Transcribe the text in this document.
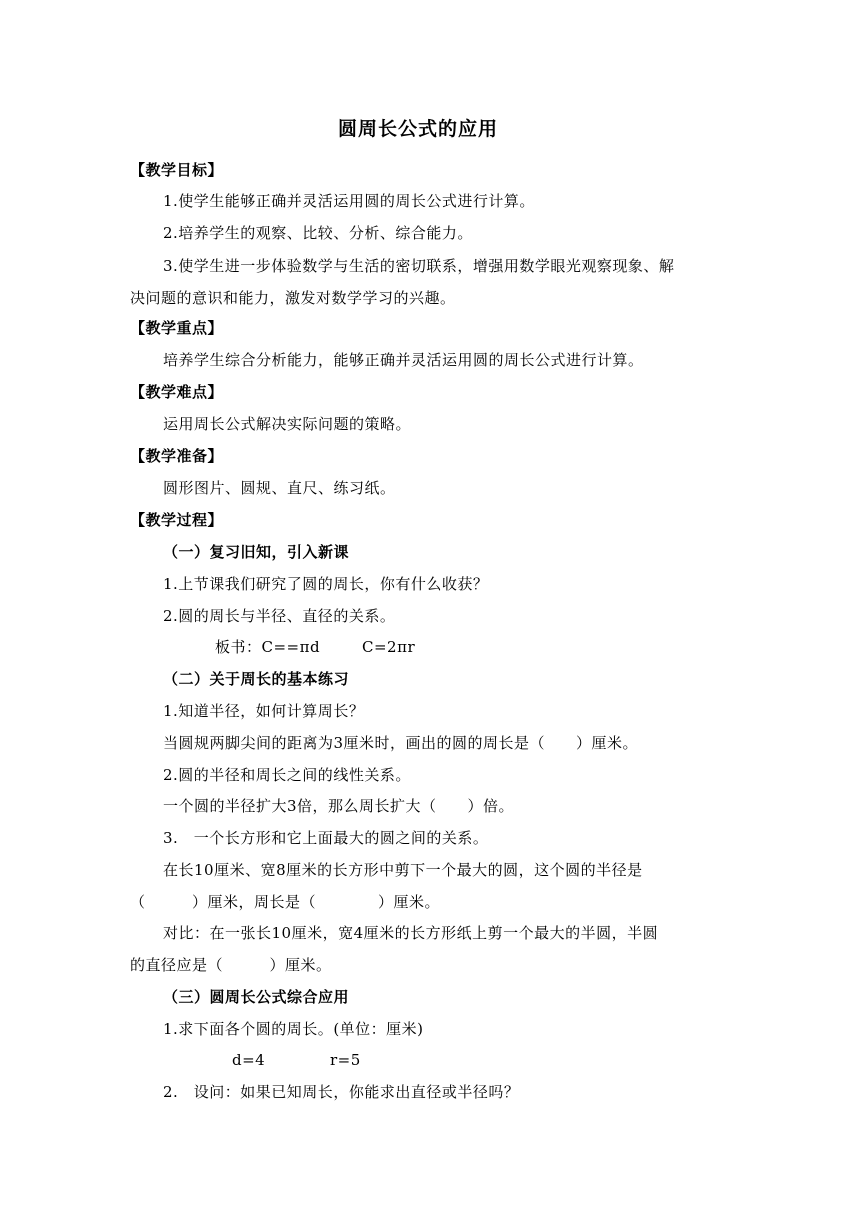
圆周长公式的应用
【教学目标】
1.使学生能够正确并灵活运用圆的周长公式进行计算。
2.培养学生的观察、比较、分析、综合能力。
3.使学生进一步体验数学与生活的密切联系，增强用数学眼光观察现象、解
决问题的意识和能力，激发对数学学习的兴趣。
【教学重点】
培养学生综合分析能力，能够正确并灵活运用圆的周长公式进行计算。
【教学难点】
运用周长公式解决实际问题的策略。
【教学准备】
圆形图片、圆规、直尺、练习纸。
【教学过程】
（一）复习旧知，引入新课
1.上节课我们研究了圆的周长，你有什么收获？
2.圆的周长与半径、直径的关系。
板书：C==πd	C=2πr
（二）关于周长的基本练习
1.知道半径，如何计算周长？
当圆规两脚尖间的距离为3厘米时，画出的圆的周长是（　　）厘米。
2.圆的半径和周长之间的线性关系。
一个圆的半径扩大3倍，那么周长扩大（　　）倍。
3.　一个长方形和它上面最大的圆之间的关系。
在长10厘米、宽8厘米的长方形中剪下一个最大的圆，这个圆的半径是
（　　　）厘米，周长是（　　　　）厘米。
对比：在一张长10厘米，宽4厘米的长方形纸上剪一个最大的半圆，半圆
的直径应是（　　　）厘米。
（三）圆周长公式综合应用
1.求下面各个圆的周长。(单位：厘米)
d=4	r=5
2.　设问：如果已知周长，你能求出直径或半径吗？
